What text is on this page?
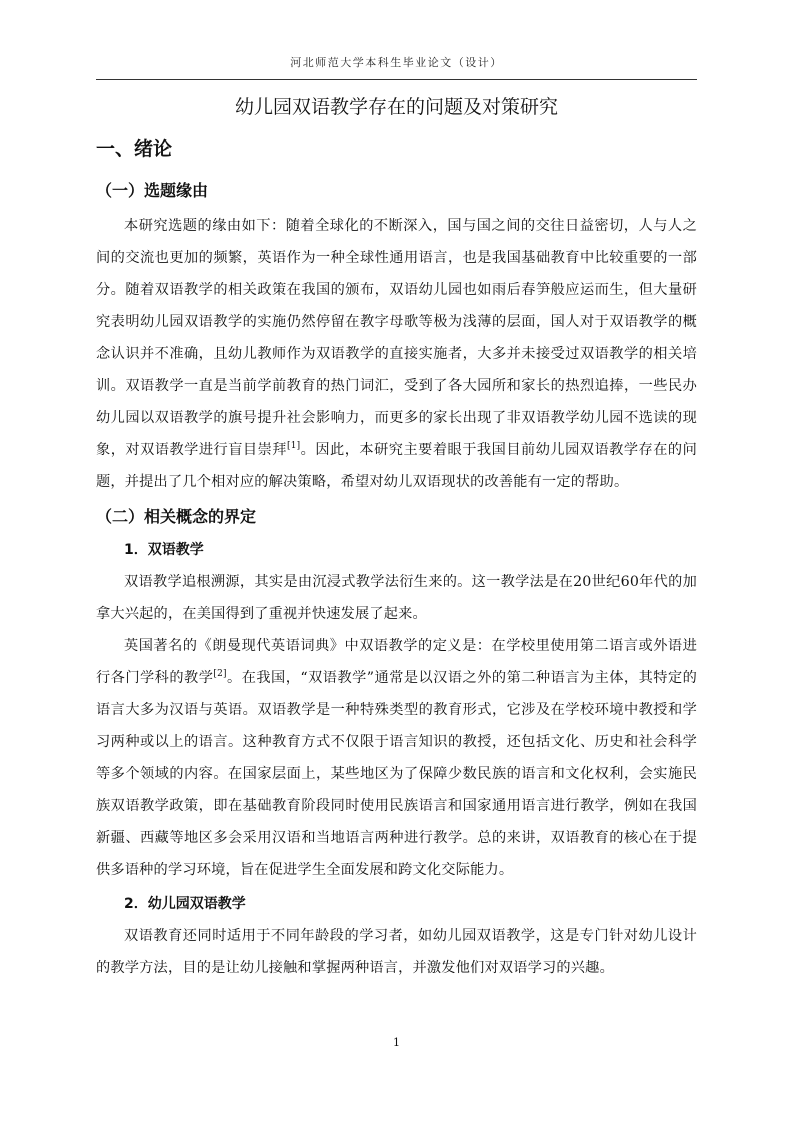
河北师范大学本科生毕业论文（设计）
幼儿园双语教学存在的问题及对策研究
一、绪论
（一）选题缘由

本研究选题的缘由如下：随着全球化的不断深入，国与国之间的交往日益密切，人与人之间的交流也更加的频繁，英语作为一种全球性通用语言，也是我国基础教育中比较重要的一部分。随着双语教学的相关政策在我国的颁布，双语幼儿园也如雨后春笋般应运而生，但大量研究表明幼儿园双语教学的实施仍然停留在教字母歌等极为浅薄的层面，国人对于双语教学的概念认识并不准确，且幼儿教师作为双语教学的直接实施者，大多并未接受过双语教学的相关培训。双语教学一直是当前学前教育的热门词汇，受到了各大园所和家长的热烈追捧，一些民办幼儿园以双语教学的旗号提升社会影响力，而更多的家长出现了非双语教学幼儿园不选读的现象，对双语教学进行盲目崇拜[1]。因此，本研究主要着眼于我国目前幼儿园双语教学存在的问题，并提出了几个相对应的解决策略，希望对幼儿双语现状的改善能有一定的帮助。

（二）相关概念的界定
1．双语教学

双语教学追根溯源，其实是由沉浸式教学法衍生来的。这一教学法是在20世纪60年代的加拿大兴起的，在美国得到了重视并快速发展了起来。

英国著名的《朗曼现代英语词典》中双语教学的定义是：在学校里使用第二语言或外语进行各门学科的教学[2]。在我国，“双语教学”通常是以汉语之外的第二种语言为主体，其特定的语言大多为汉语与英语。双语教学是一种特殊类型的教育形式，它涉及在学校环境中教授和学习两种或以上的语言。这种教育方式不仅限于语言知识的教授，还包括文化、历史和社会科学等多个领域的内容。在国家层面上，某些地区为了保障少数民族的语言和文化权利，会实施民族双语教学政策，即在基础教育阶段同时使用民族语言和国家通用语言进行教学，例如在我国新疆、西藏等地区多会采用汉语和当地语言两种进行教学。总的来讲，双语教育的核心在于提供多语种的学习环境，旨在促进学生全面发展和跨文化交际能力。

2．幼儿园双语教学

双语教育还同时适用于不同年龄段的学习者，如幼儿园双语教学，这是专门针对幼儿设计的教学方法，目的是让幼儿接触和掌握两种语言，并激发他们对双语学习的兴趣。

1
